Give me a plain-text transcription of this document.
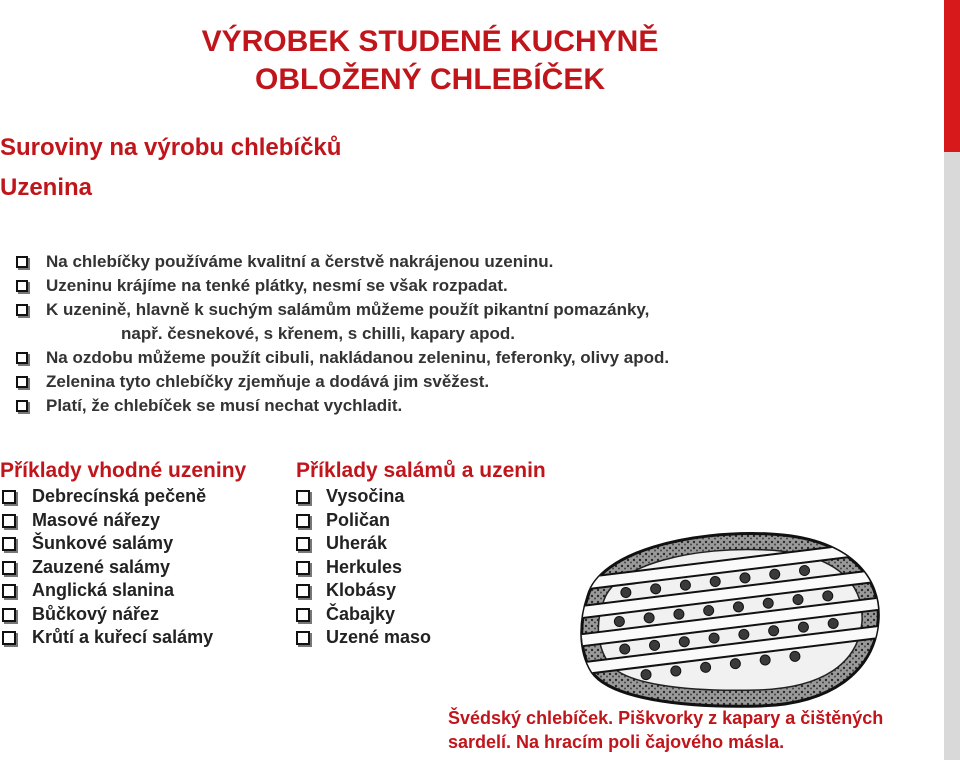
VÝROBEK STUDENÉ KUCHYNĚ
OBLOŽENÝ CHLEBÍČEK
Suroviny na výrobu chlebíčků
Uzenina
Na chlebíčky používáme kvalitní a čerstvě nakrájenou uzeninu.
Uzeninu krájíme na tenké plátky, nesmí se však rozpadat.
K uzenině, hlavně k suchým salámům můžeme použít pikantní pomazánky,
např. česnekové, s křenem, s chilli, kapary apod.
Na ozdobu můžeme použít cibuli, nakládanou zeleninu, feferonky, olivy apod.
Zelenina tyto chlebíčky zjemňuje a dodává jim svěžest.
Platí, že chlebíček se musí nechat vychladit.
Příklady vhodné uzeniny Příklady salámů a uzenin
Debrecínská pečeně
Masové nářezy
Šunkové salámy
Zauzené salámy
Anglická slanina
Bůčkový nářez
Krůtí a kuřecí salámy
Vysočina
Poličan
Uherák
Herkules
Klobásy
Čabajky
Uzené maso

Švédský chlebíček. Piškvorky z kapary a čištěných sardelí. Na hracím poli čajového másla.
